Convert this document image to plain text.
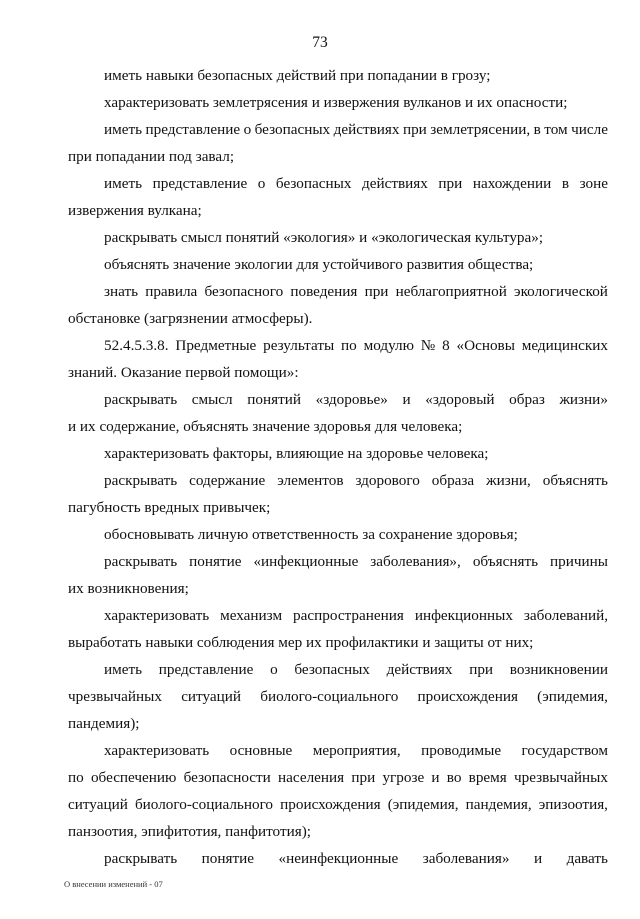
73
иметь навыки безопасных действий при попадании в грозу;
характеризовать землетрясения и извержения вулканов и их опасности;
иметь представление о безопасных действиях при землетрясении, в том числе
при попадании под завал;
иметь представление о безопасных действиях при нахождении в зоне
извержения вулкана;
раскрывать смысл понятий «экология» и «экологическая культура»;
объяснять значение экологии для устойчивого развития общества;
знать правила безопасного поведения при неблагоприятной экологической
обстановке (загрязнении атмосферы).
52.4.5.3.8. Предметные результаты по модулю № 8 «Основы медицинских
знаний. Оказание первой помощи»:
раскрывать смысл понятий «здоровье» и «здоровый образ жизни»
и их содержание, объяснять значение здоровья для человека;
характеризовать факторы, влияющие на здоровье человека;
раскрывать содержание элементов здорового образа жизни, объяснять
пагубность вредных привычек;
обосновывать личную ответственность за сохранение здоровья;
раскрывать понятие «инфекционные заболевания», объяснять причины
их возникновения;
характеризовать механизм распространения инфекционных заболеваний,
выработать навыки соблюдения мер их профилактики и защиты от них;
иметь представление о безопасных действиях при возникновении
чрезвычайных ситуаций биолого-социального происхождения (эпидемия,
пандемия);
характеризовать основные мероприятия, проводимые государством
по обеспечению безопасности населения при угрозе и во время чрезвычайных
ситуаций биолого-социального происхождения (эпидемия, пандемия, эпизоотия,
панзоотия, эпифитотия, панфитотия);
раскрывать понятие «неинфекционные заболевания» и давать
О внесении изменений - 07
